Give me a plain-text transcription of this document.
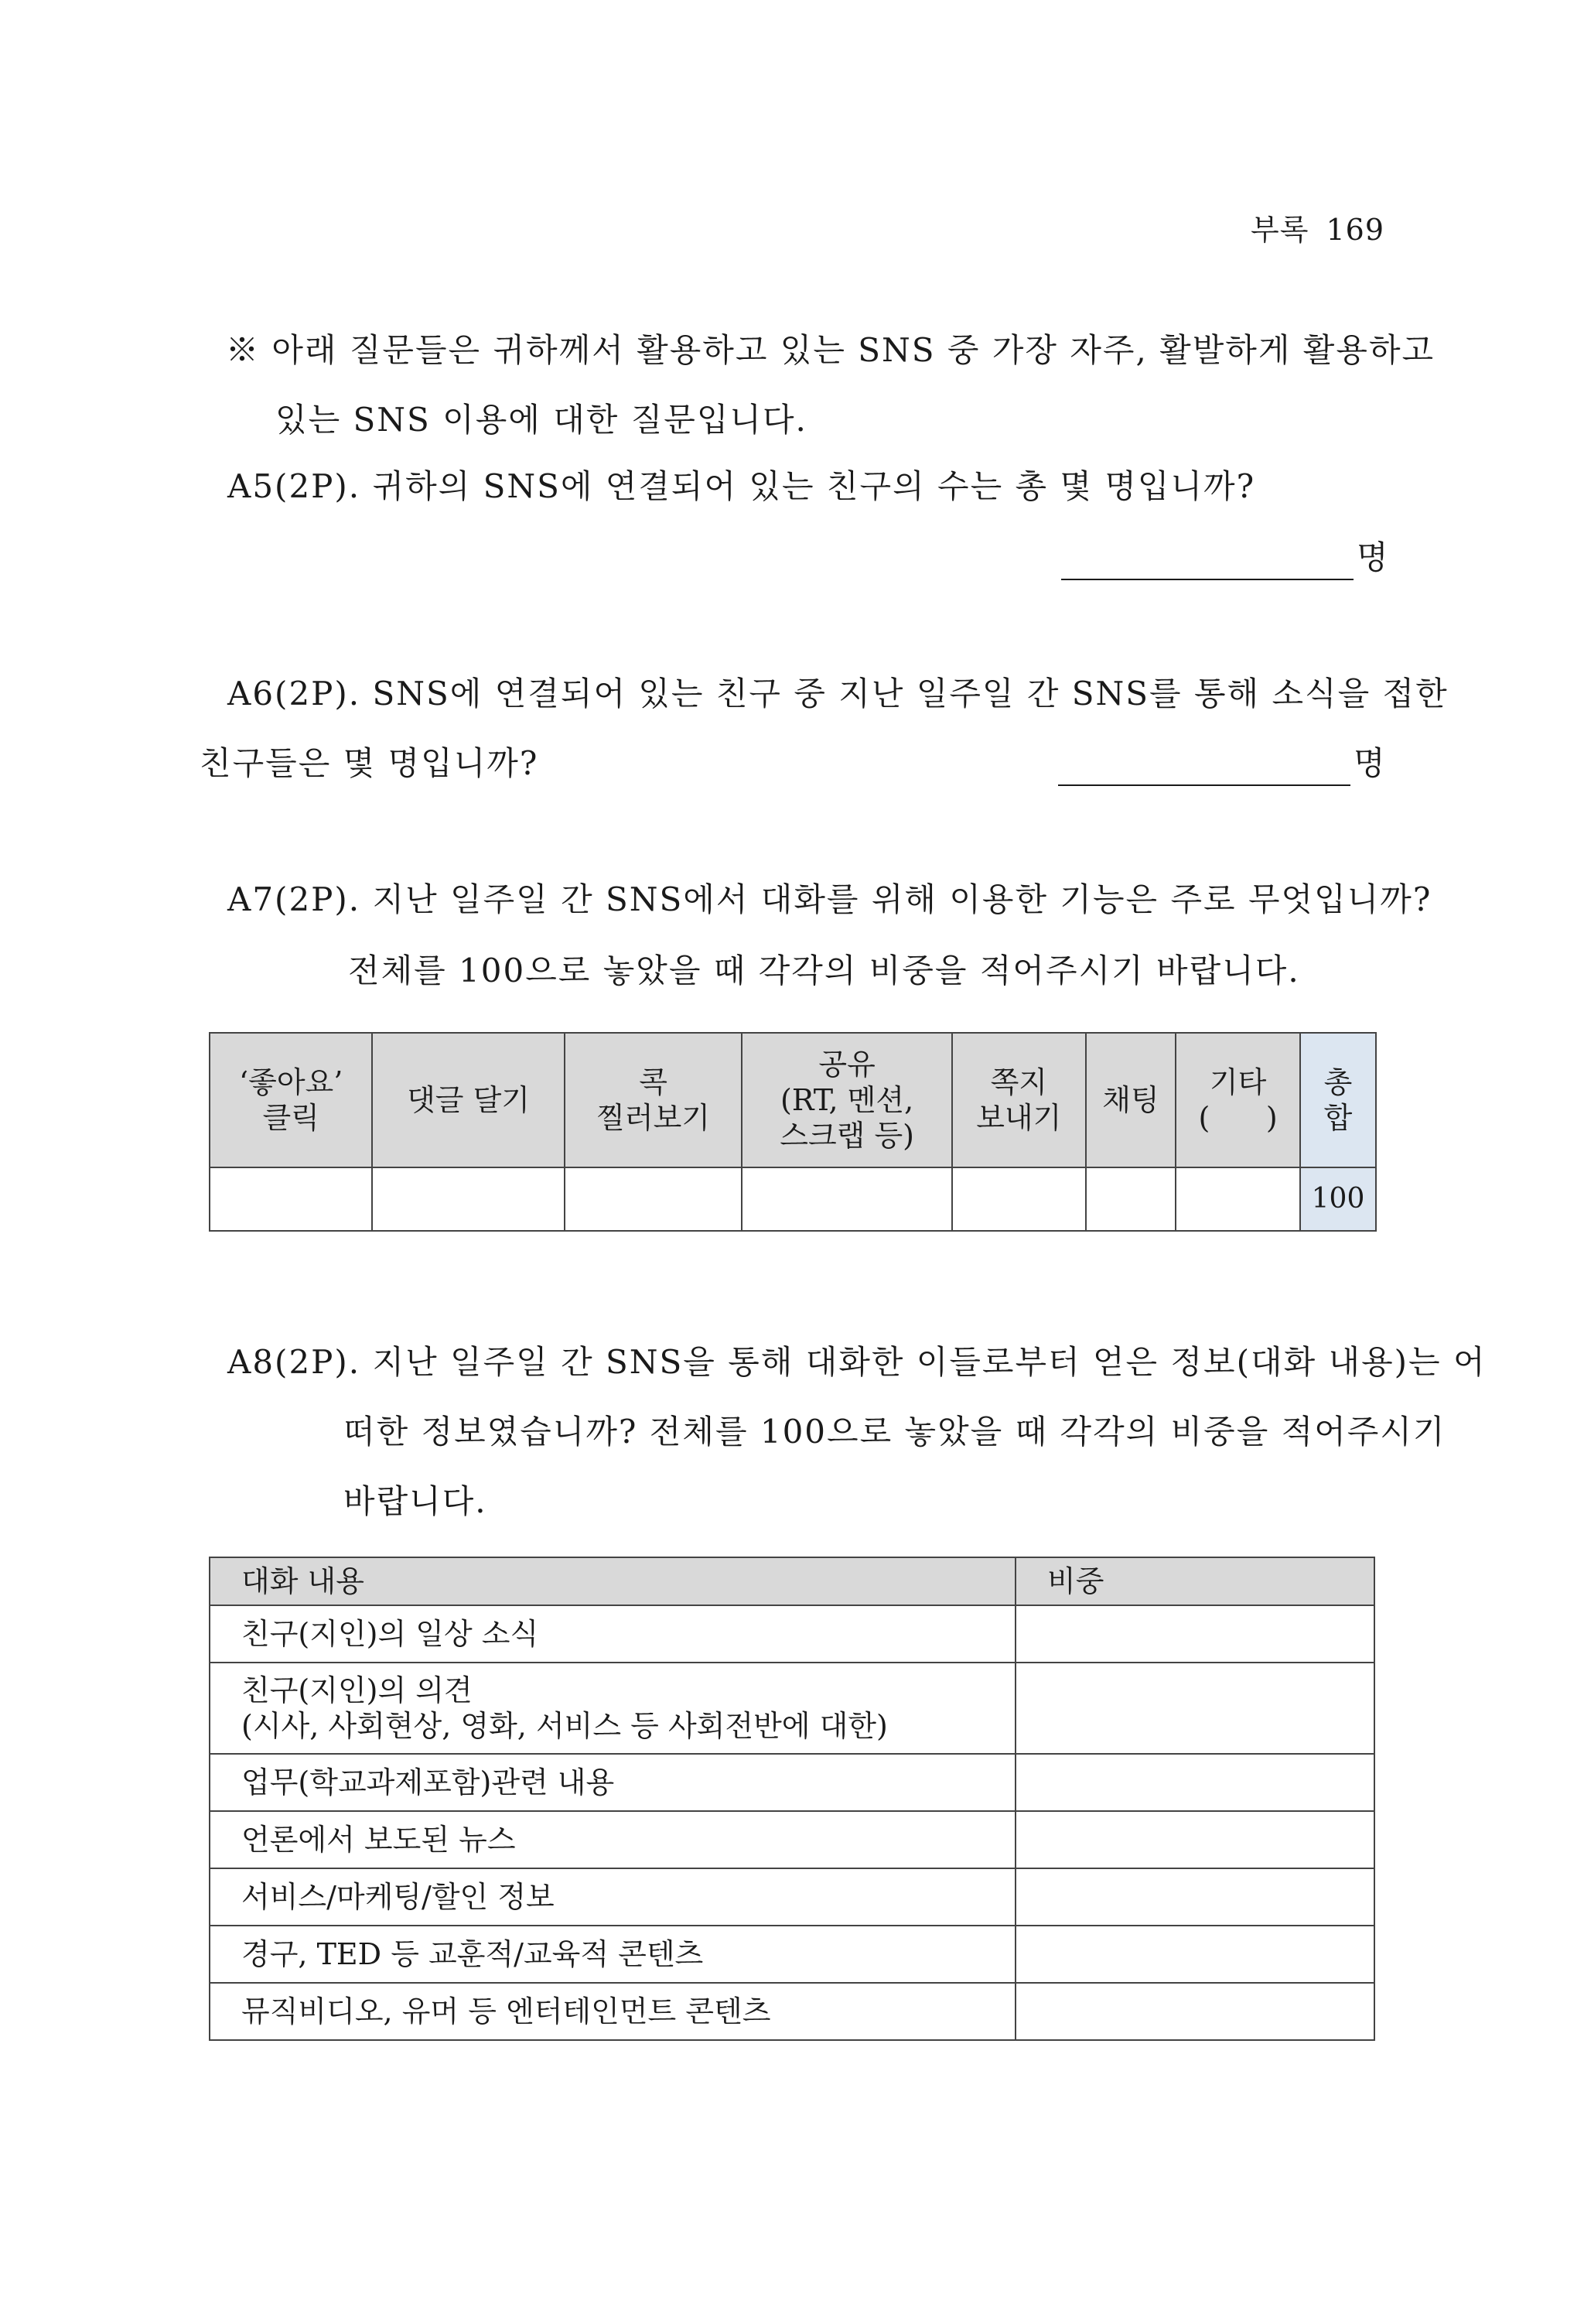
부록 169
※ 아래 질문들은 귀하께서 활용하고 있는 SNS 중 가장 자주, 활발하게 활용하고
있는 SNS 이용에 대한 질문입니다.
A5(2P). 귀하의 SNS에 연결되어 있는 친구의 수는 총 몇 명입니까?
명
A6(2P). SNS에 연결되어 있는 친구 중 지난 일주일 간 SNS를 통해 소식을 접한
친구들은 몇 명입니까?	명
A7(2P). 지난 일주일 간 SNS에서 대화를 위해 이용한 기능은 주로 무엇입니까?
전체를 100으로 놓았을 때 각각의 비중을 적어주시기 바랍니다.
‘좋아요’
클릭	댓글 달기	콕
찔러보기	공유
(RT, 멘션,
스크랩 등)	쪽지
보내기	채팅	기타
(      )	총
합
							100
A8(2P). 지난 일주일 간 SNS을 통해 대화한 이들로부터 얻은 정보(대화 내용)는 어
떠한 정보였습니까? 전체를 100으로 놓았을 때 각각의 비중을 적어주시기
바랍니다.
대화 내용	비중
친구(지인)의 일상 소식	
친구(지인)의 의견
(시사, 사회현상, 영화, 서비스 등 사회전반에 대한)	
업무(학교과제포함)관련 내용	
언론에서 보도된 뉴스	
서비스/마케팅/할인 정보	
경구, TED 등 교훈적/교육적 콘텐츠	
뮤직비디오, 유머 등 엔터테인먼트 콘텐츠	
